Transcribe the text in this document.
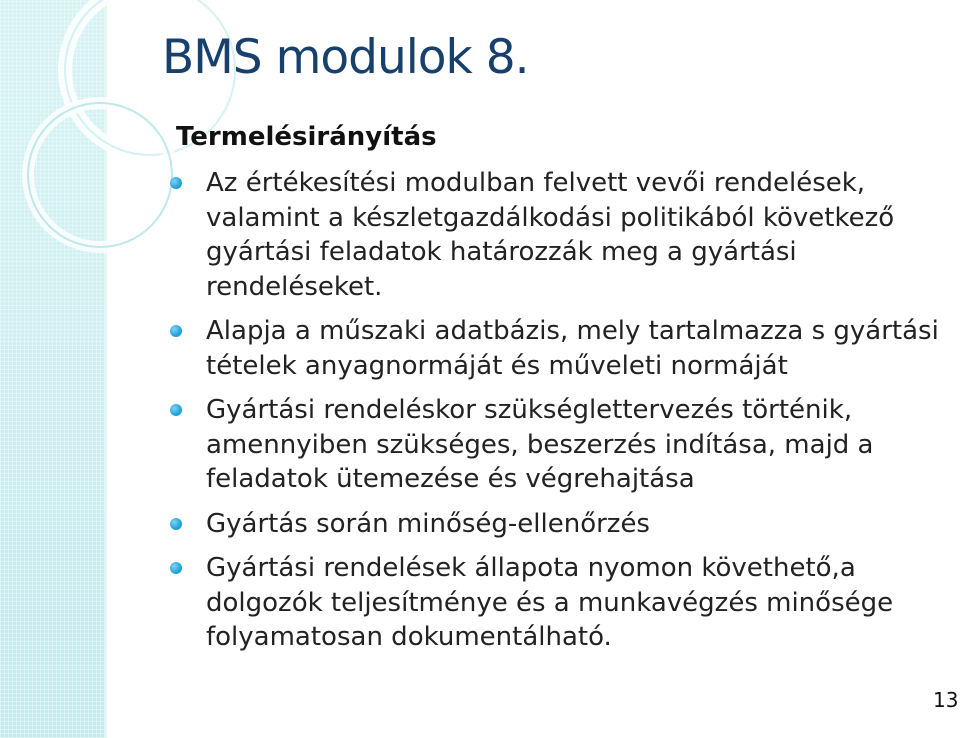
BMS modulok 8.
Termelésirányítás
Az értékesítési modulban felvett vevői rendelések, valamint a készletgazdálkodási politikából következő gyártási feladatok határozzák meg a gyártási rendeléseket.
Alapja a műszaki adatbázis, mely tartalmazza s gyártási tételek anyagnormáját és műveleti normáját
Gyártási rendeléskor szükséglettervezés történik, amennyiben szükséges, beszerzés indítása, majd a feladatok ütemezése és végrehajtása
Gyártás során minőség-ellenőrzés
Gyártási rendelések állapota nyomon követhető,a dolgozók teljesítménye és a munkavégzés minősége folyamatosan dokumentálható.
13
